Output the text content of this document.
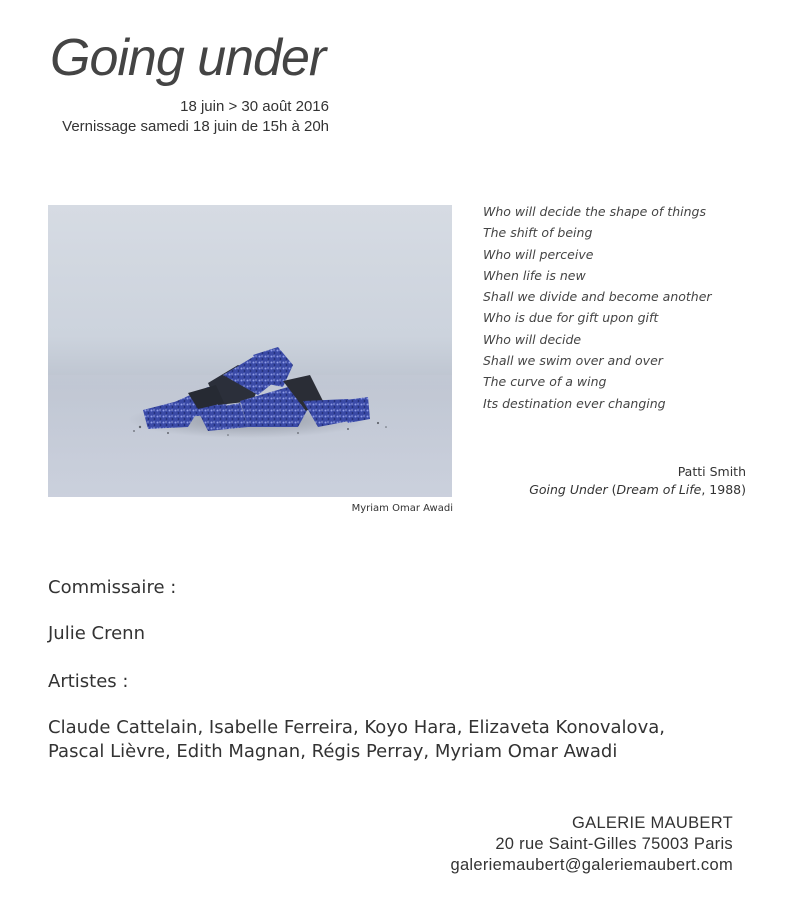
Going under
18 juin > 30 août 2016
Vernissage samedi 18 juin de 15h à 20h
Myriam Omar Awadi
Who will decide the shape of things
The shift of being
Who will perceive
When life is new
Shall we divide and become another
Who is due for gift upon gift
Who will decide
Shall we swim over and over
The curve of a wing
Its destination ever changing
Patti Smith
Going Under (Dream of Life, 1988)
Commissaire :
Julie Crenn
Artistes :
Claude Cattelain, Isabelle Ferreira, Koyo Hara, Elizaveta Konovalova,
Pascal Lièvre, Edith Magnan, Régis Perray, Myriam Omar Awadi
GALERIE MAUBERT
20 rue Saint-Gilles 75003 Paris
galeriemaubert@galeriemaubert.com
